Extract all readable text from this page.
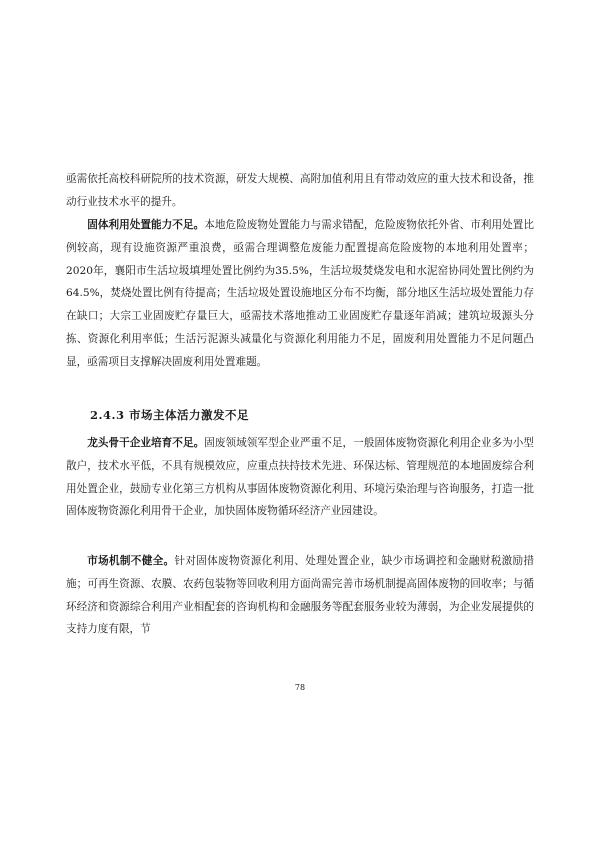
亟需依托高校科研院所的技术资源，研发大规模、高附加值利用且有带动效应的重大技术和设备，推动行业技术水平的提升。

固体利用处置能力不足。本地危险废物处置能力与需求错配，危险废物依托外省、市利用处置比例较高，现有设施资源严重浪费，亟需合理调整危废能力配置提高危险废物的本地利用处置率；2020年，襄阳市生活垃圾填埋处置比例约为35.5%，生活垃圾焚烧发电和水泥窑协同处置比例约为64.5%，焚烧处置比例有待提高；生活垃圾处置设施地区分布不均衡，部分地区生活垃圾处置能力存在缺口；大宗工业固废贮存量巨大，亟需技术落地推动工业固废贮存量逐年消减；建筑垃圾源头分拣、资源化利用率低；生活污泥源头减量化与资源化利用能力不足，固废利用处置能力不足问题凸显，亟需项目支撑解决固废利用处置难题。

2.4.3 市场主体活力激发不足

龙头骨干企业培育不足。固废领域领军型企业严重不足，一般固体废物资源化利用企业多为小型散户，技术水平低，不具有规模效应，应重点扶持技术先进、环保达标、管理规范的本地固废综合利用处置企业，鼓励专业化第三方机构从事固体废物资源化利用、环境污染治理与咨询服务，打造一批固体废物资源化利用骨干企业，加快固体废物循环经济产业园建设。

市场机制不健全。针对固体废物资源化利用、处理处置企业，缺少市场调控和金融财税激励措施；可再生资源、农膜、农药包装物等回收利用方面尚需完善市场机制提高固体废物的回收率；与循环经济和资源综合利用产业相配套的咨询机构和金融服务等配套服务业较为薄弱，为企业发展提供的支持力度有限，节

78
